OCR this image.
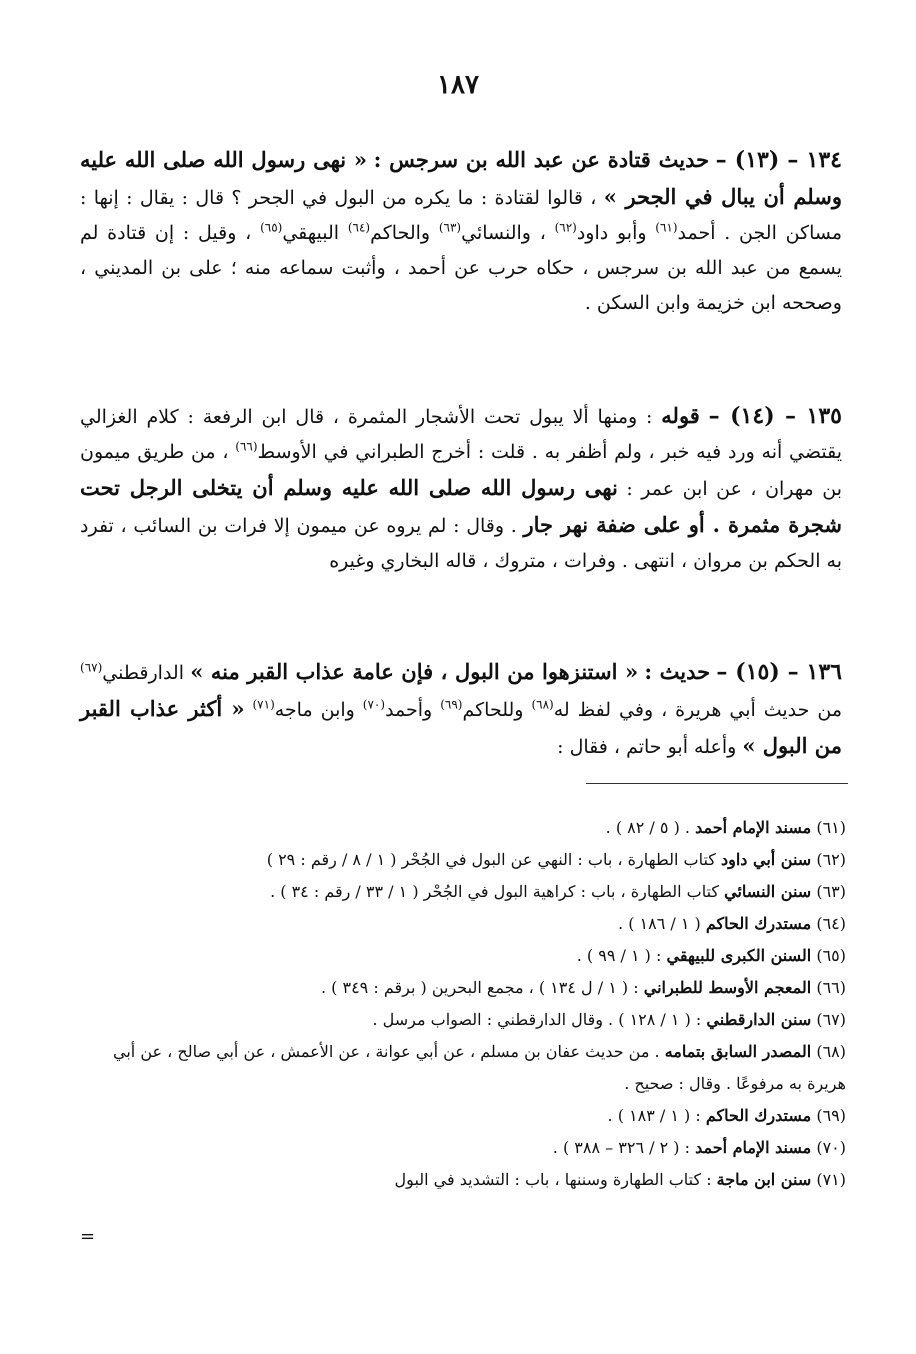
١٨٧
١٣٤ – (١٣) – حديث قتادة عن عبد الله بن سرجس : « نهى رسول الله صلى الله عليه وسلم أن يبال في الجحر » ، قالوا لقتادة : ما يكره من البول في الجحر ؟ قال : يقال : إنها : مساكن الجن . أحمد$^{(٦١)}$ وأبو داود$^{(٦٢)}$ ، والنسائي$^{(٦٣)}$ والحاكم$^{(٦٤)}$ البيهقي$^{(٦٥)}$ ، وقيل : إن قتادة لم يسمع من عبد الله بن سرجس ، حكاه حرب عن أحمد ، وأثبت سماعه منه ؛ على بن المديني ، وصححه ابن خزيمة وابن السكن .
١٣٥ – (١٤) – قوله : ومنها ألا يبول تحت الأشجار المثمرة ، قال ابن الرفعة : كلام الغزالي يقتضي أنه ورد فيه خبر ، ولم أظفر به . قلت : أخرج الطبراني في الأوسط$^{(٦٦)}$ ، من طريق ميمون بن مهران ، عن ابن عمر : نهى رسول الله صلى الله عليه وسلم أن يتخلى الرجل تحت شجرة مثمرة . أو على ضفة نهر جار . وقال : لم يروه عن ميمون إلا فرات بن السائب ، تفرد به الحكم بن مروان ، انتهى . وفرات ، متروك ، قاله البخاري وغيره
١٣٦ – (١٥) – حديث : « استنزهوا من البول ، فإن عامة عذاب القبر منه » الدارقطني$^{(٦٧)}$ من حديث أبي هريرة ، وفي لفظ له$^{(٦٨)}$ وللحاكم$^{(٦٩)}$ وأحمد$^{(٧٠)}$ وابن ماجه$^{(٧١)}$ « أكثر عذاب القبر من البول » وأعله أبو حاتم ، فقال :

(٦١) مسند الإمام أحمد . ( ٥ / ٨٢ ) .

(٦٢) سنن أبي داود كتاب الطهارة ، باب : النهي عن البول في الجُحْر ( ١ / ٨ / رقم : ٢٩ )

(٦٣) سنن النسائي كتاب الطهارة ، باب : كراهية البول في الجُحْر ( ١ / ٣٣ / رقم : ٣٤ ) .

(٦٤) مستدرك الحاكم ( ١ / ١٨٦ ) .

(٦٥) السنن الكبرى للبيهقي : ( ١ / ٩٩ ) .

(٦٦) المعجم الأوسط للطبراني : ( ١ / ل ١٣٤ ) ، مجمع البحرين ( برقم : ٣٤٩ ) .

(٦٧) سنن الدارقطني : ( ١ / ١٢٨ ) . وقال الدارقطني : الصواب مرسل .

(٦٨) المصدر السابق بتمامه . من حديث عفان بن مسلم ، عن أبي عوانة ، عن الأعمش ، عن أبي صالح ، عن أبي هريرة به مرفوعًا . وقال : صحيح .

(٦٩) مستدرك الحاكم : ( ١ / ١٨٣ ) .

(٧٠) مسند الإمام أحمد : ( ٢ / ٣٢٦ – ٣٨٨ ) .

(٧١) سنن ابن ماجة : كتاب الطهارة وسننها ، باب : التشديد في البول

=
